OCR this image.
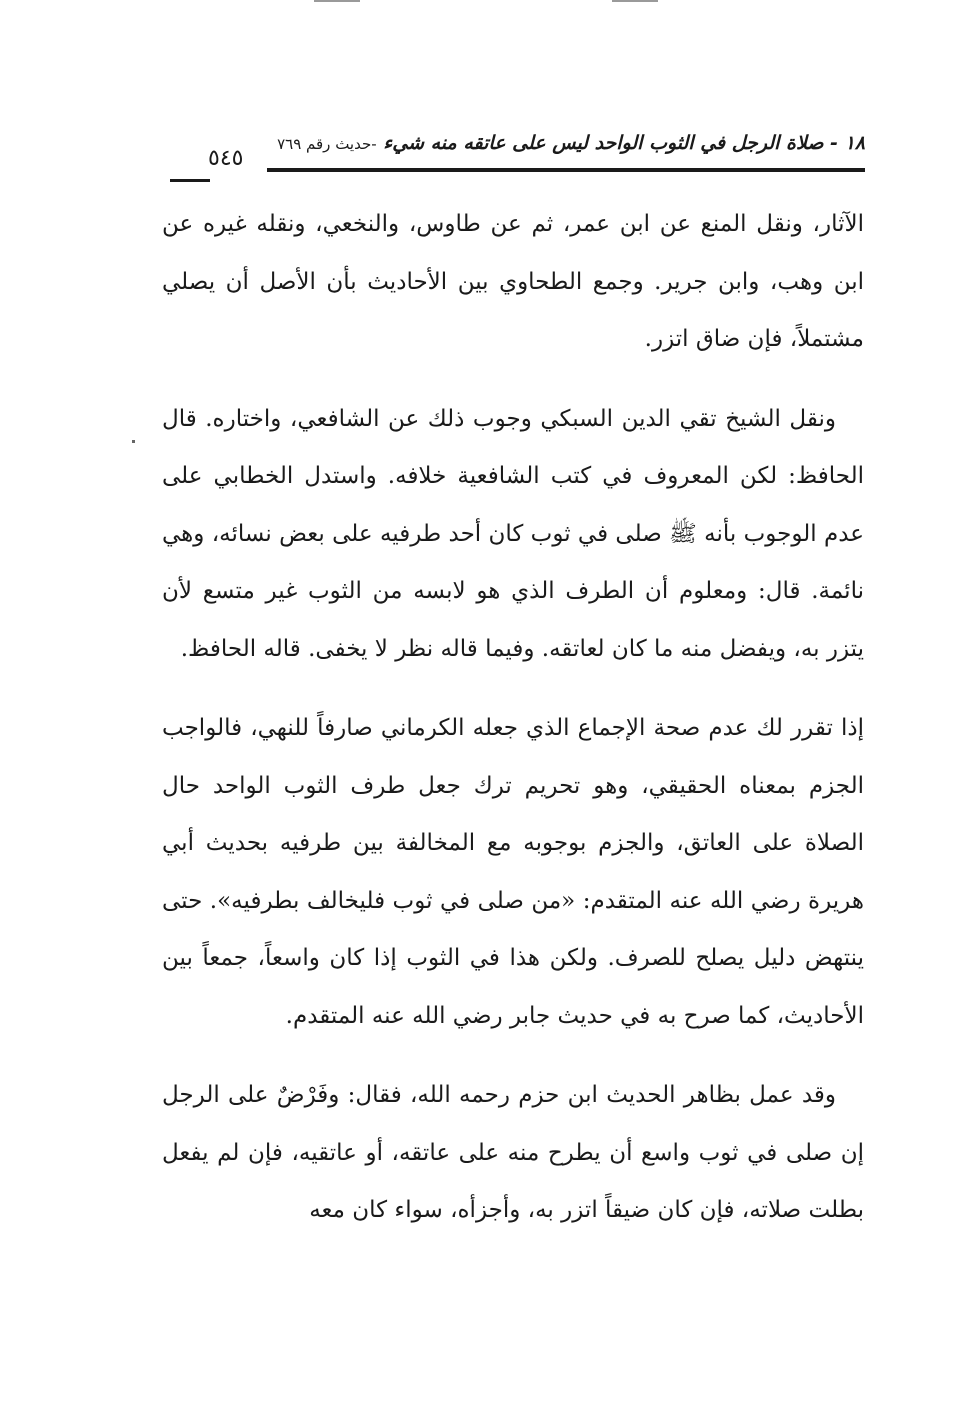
١٨ - صلاة الرجل في الثوب الواحد ليس على عاتقه منه شيء -حديث رقم ٧٦٩
٥٤٥

الآثار، ونقل المنع عن ابن عمر، ثم عن طاوس، والنخعي، ونقله غيره عن ابن وهب، وابن جرير. وجمع الطحاوي بين الأحاديث بأن الأصل أن يصلي مشتملاً، فإن ضاق اتزر.

ونقل الشيخ تقي الدين السبكي وجوب ذلك عن الشافعي، واختاره. قال الحافظ: لكن المعروف في كتب الشافعية خلافه. واستدل الخطابي على عدم الوجوب بأنه ﷺ صلى في ثوب كان أحد طرفيه على بعض نسائه، وهي نائمة. قال: ومعلوم أن الطرف الذي هو لابسه من الثوب غير متسع لأن يتزر به، ويفضل منه ما كان لعاتقه. وفيما قاله نظر لا يخفى. قاله الحافظ.

إذا تقرر لك عدم صحة الإجماع الذي جعله الكرماني صارفاً للنهي، فالواجب الجزم بمعناه الحقيقي، وهو تحريم ترك جعل طرف الثوب الواحد حال الصلاة على العاتق، والجزم بوجوبه مع المخالفة بين طرفيه بحديث أبي هريرة رضي الله عنه المتقدم: «من صلى في ثوب فليخالف بطرفيه». حتى ينتهض دليل يصلح للصرف. ولكن هذا في الثوب إذا كان واسعاً، جمعاً بين الأحاديث، كما صرح به في حديث جابر رضي الله عنه المتقدم.

وقد عمل بظاهر الحديث ابن حزم رحمه الله، فقال: وفَرْضٌ على الرجل إن صلى في ثوب واسع أن يطرح منه على عاتقه، أو عاتقيه، فإن لم يفعل بطلت صلاته، فإن كان ضيقاً اتزر به، وأجزأه، سواء كان معه
